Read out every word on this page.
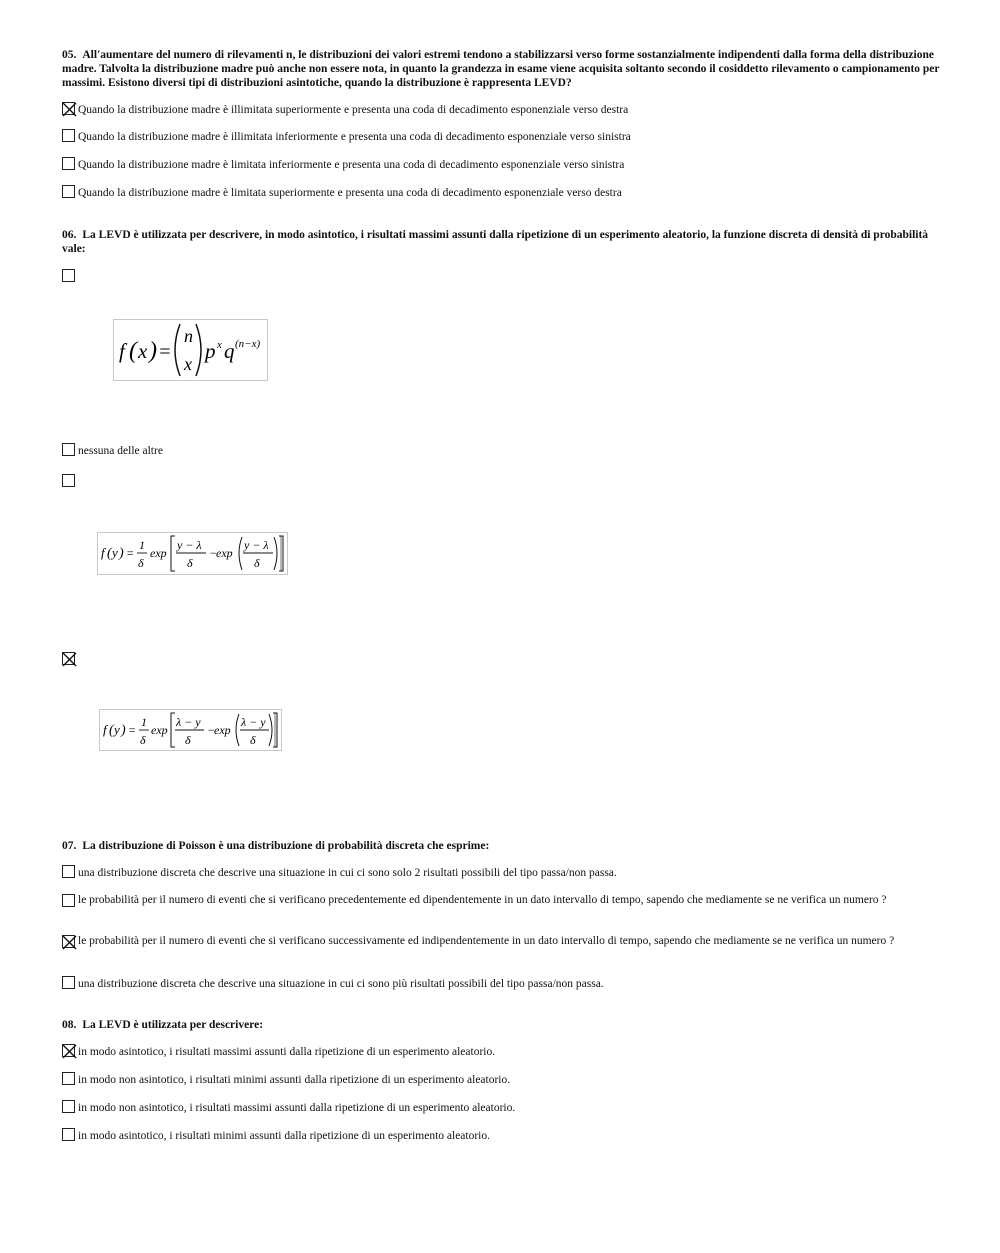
05. All'aumentare del numero di rilevamenti n, le distribuzioni dei valori estremi tendono a stabilizzarsi verso forme sostanzialmente indipendenti dalla forma della distribuzione madre. Talvolta la distribuzione madre può anche non essere nota, in quanto la grandezza in esame viene acquisita soltanto secondo il cosiddetto rilevamento o campionamento per massimi. Esistono diversi tipi di distribuzioni asintotiche, quando la distribuzione è rappresenta LEVD?
Quando la distribuzione madre è illimitata superiormente e presenta una coda di decadimento esponenziale verso destra
Quando la distribuzione madre è illimitata inferiormente e presenta una coda di decadimento esponenziale verso sinistra
Quando la distribuzione madre è limitata inferiormente e presenta una coda di decadimento esponenziale verso sinistra
Quando la distribuzione madre è limitata superiormente e presenta una coda di decadimento esponenziale verso destra
06. La LEVD è utilizzata per descrivere, in modo asintotico, i risultati massimi assunti dalla ripetizione di un esperimento aleatorio, la funzione discreta di densità di probabilità vale:
f ( x ) =
n
x
p x q (n−x)
nessuna delle altre
f ( y ) =
1
δ
exp
y − λ
δ
−
exp
y − λ
δ
f ( y ) =
1
δ
exp
λ − y
δ
−
exp
λ − y
δ
07. La distribuzione di Poisson è una distribuzione di probabilità discreta che esprime:
una distribuzione discreta che descrive una situazione in cui ci sono solo 2 risultati possibili del tipo passa/non passa.
le probabilità per il numero di eventi che si verificano precedentemente ed dipendentemente in un dato intervallo di tempo, sapendo che mediamente se ne verifica un numero ?
le probabilità per il numero di eventi che si verificano successivamente ed indipendentemente in un dato intervallo di tempo, sapendo che mediamente se ne verifica un numero ?
una distribuzione discreta che descrive una situazione in cui ci sono più risultati possibili del tipo passa/non passa.
08. La LEVD è utilizzata per descrivere:
in modo asintotico, i risultati massimi assunti dalla ripetizione di un esperimento aleatorio.
in modo non asintotico, i risultati minimi assunti dalla ripetizione di un esperimento aleatorio.
in modo non asintotico, i risultati massimi assunti dalla ripetizione di un esperimento aleatorio.
in modo asintotico, i risultati minimi assunti dalla ripetizione di un esperimento aleatorio.
